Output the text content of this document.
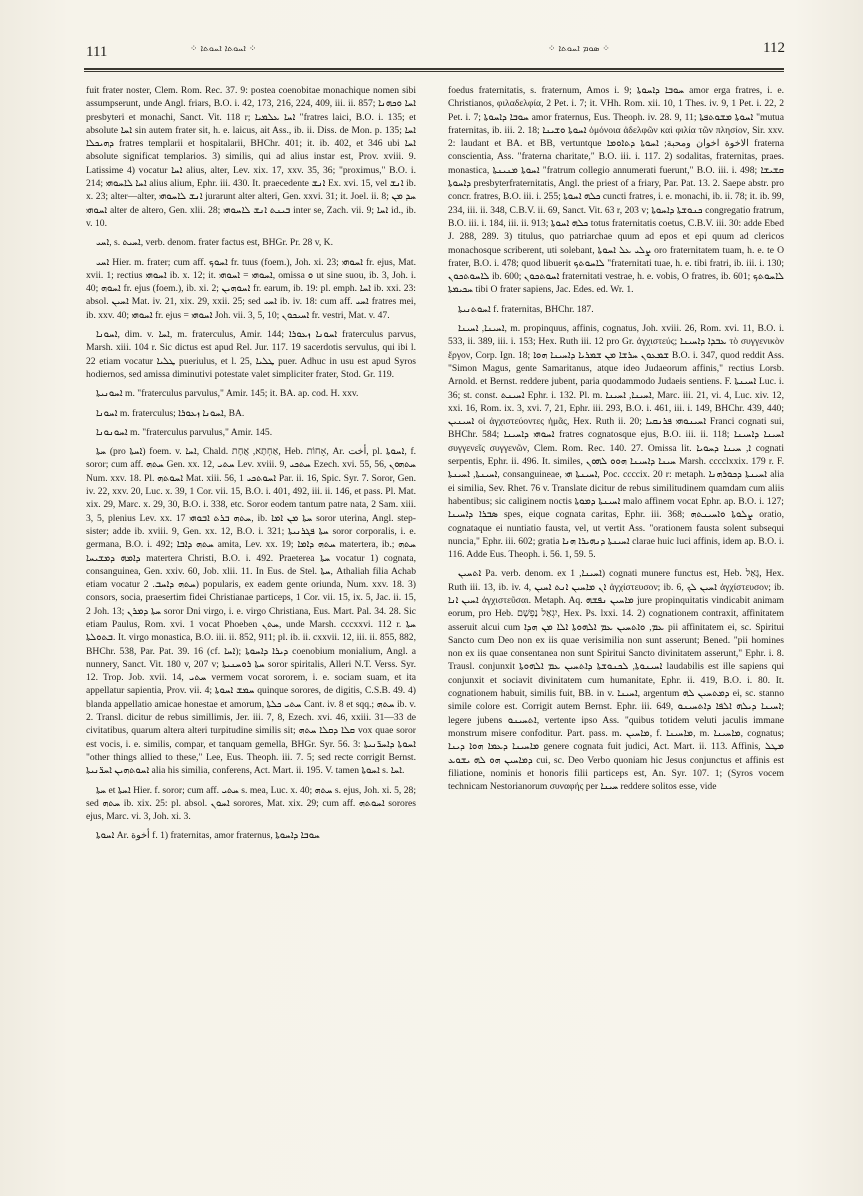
111	⁘ ܐܚܘܬܐ ܐܚܘܬܐ ⁘	⁘ ܣܘܡ ܐܚܘܬܐ ⁘	112

fuit frater noster, Clem. Rom. Rec. 37. 9: postea coenobitae monachique nomen sibi assumpserunt, unde Angl. friars, B.O. i. 42, 173, 216, 224, 409, iii. ii. 857; ܐܚܐ ܘܟܗܢܐ presbyteri et monachi, Sanct. Vit. 118 r; ܐܚܐ ܥܠܡܝܐ "fratres laici, B.O. i. 135; et absolute ܐܚܐ sin autem frater sit, h. e. laicus, ait Ass., ib. ii. Diss. de Mon. p. 135; ܐܚܐ ܕܗܝܟܠܐ fratres templarii et hospitalarii, BHChr. 401; it. ib. 402, et 346 ubi ܐܚܐ absolute significat templarios. 3) similis, qui ad alius instar est, Prov. xviii. 9. Latissime 4) vocatur ܐܚܐ alius, alter, Lev. xix. 17, xxv. 35, 36; "proximus," B.O. i. 214; ܐܚܐ ܠܐܚܘܗܝ alius alium, Ephr. iii. 430. It. praecedente ܐܢܫ Ex. xvi. 15, vel ܐܢܫ ib. x. 23; alter—alter, ܐܢܫ ܠܐܚܘܗܝ jurarunt alter alteri, Gen. xxvi. 31; it. Joel. ii. 8; ܚܕ ܡܢ ܐܚܘܗܝ alter de altero, Gen. xlii. 28; ܒܝܢܬ ܐܢܫ ܠܐܚܘܗܝ inter se, Zach. vii. 9; ܐܚܐ id., ib. v. 10.

ܐܚܝ, s. ܐܚܝܬ, verb. denom. frater factus est, BHGr. Pr. 28 v, K.

ܐܚܝ Hier. m. frater; cum aff. ܐܚܘܟ fr. tuus (foem.), Joh. xi. 23; ܐܚܘܗܝ fr. ejus, Mat. xvii. 1; rectius ܐܚܘܗܝ ib. x. 12; it. ܐܚܘܗܝ = ܐܚܘܗܝ, omissa ܘ ut sine suou, ib. 3, Joh. i. 40; ܐܚܘܗ fr. ejus (foem.), ib. xi. 2; ܐܚܘܗܝܢ fr. earum, ib. 19: pl. emph. ܐܚܐ ib. xxi. 23: absol. ܐܚܝܢ Mat. iv. 21, xix. 29, xxii. 25; sed ܐܚܝ ib. iv. 18: cum aff. ܐܚܝ fratres mei, ib. xxv. 40; ܐܚܘܗܝ fr. ejus = ܐܚܘܗܝ Joh. vii. 3, 5, 10; ܐܚܝܟܘܢ fr. vestri, Mat. v. 47.

ܐܚܘܢܐ, dim. v. ܐܚܐ, m. fraterculus, Amir. 144; ܐܚܘܢܐ ܙܥܘܪܐ fraterculus parvus, Marsh. xiii. 104 r. Sic dictus est apud Rel. Jur. 117. 19 sacerdotis servulus, qui ibi l. 22 etiam vocatur ܛܠܝܐ pueriulus, et l. 25, ܛܠܝܐ puer. Adhuc in usu est apud Syros hodiernos, sed amissa diminutivi potestate valet simpliciter frater, Stod. Gr. 119.

ܐܚܘܢܝܬܐ m. "fraterculus parvulus," Amir. 145; it. BA. ap. cod. H. xxv.

ܐܚܘܢܐ m. fraterculus; ܐܚܘܢܐ ܙܥܘܪܐ, BA.

ܐܚܘܢܘܢܐ m. "fraterculus parvulus," Amir. 145.

ܚܬܐ (pro ܐܚܬܐ) foem. v. ܐܚܐ, Chald. אַחְתָא, אֲחָת, Heb. אָחוֹת, Ar. أخت, pl. ܐܚܘܬܐ, f. soror; cum aff. ܚܬܗ Gen. xx. 12, ܚܬܝ Lev. xviii. 9, ܚܬܟܝ Ezech. xvi. 55, 56, ܚܬܗܘܢ Num. xxv. 18. Pl. ܐܚܘܬܗ Mat. xiii. 56, ܐܚܘܬܟܝ 1 Par. ii. 16, Spic. Syr. 7. Soror, Gen. iv. 22, xxv. 20, Luc. x. 39, 1 Cor. vii. 15, B.O. i. 401, 492, iii. ii. 146, et pass. Pl. Mat. xix. 29, Marc. x. 29, 30, B.O. i. 338, etc. Soror eodem tantum patre nata, 2 Sam. xiii. 3, 5, plenius Lev. xx. 17 ܚܬܗ ܒܪܬ ܐܒܘܗܝ, ib. ܚܬܐ ܡܢ ܐܡܐ soror uterina, Angl. step-sister; adde ib. xviii. 9, Gen. xx. 12, B.O. i. 321; ܚܬܐ ܦܓܪܢܝܬܐ soror corporalis, i. e. germana, B.O. i. 492; ܚܬܗ ܕܐܒܐ amita, Lev. xx. 19; ܚܬܗ ܕܐܡܐ matertera, ib.; ܚܬܗ ܕܐܡܗ ܕܡܫܝܚܐ matertera Christi, B.O. i. 492. Praeterea ܚܬܐ vocatur 1) cognata, consanguinea, Gen. xxiv. 60, Job. xlii. 11. In Eus. de Stel. ܚܬܐ, Athaliah filia Achab etiam vocatur ܚܬܗ ܕܐܚܒ. 2) popularis, ex eadem gente oriunda, Num. xxv. 18. 3) consors, socia, praesertim fidei Christianae particeps, 1 Cor. vii. 15, ix. 5, Jac. ii. 15, 2 Joh. 13; ܚܬܐ ܕܡܪܢ soror Dni virgo, i. e. virgo Christiana, Eus. Mart. Pal. 34. 28. Sic etiam Paulus, Rom. xvi. 1 vocat Phoeben ܚܬܢ, unde Marsh. cccxxvi. 112 r. ܚܬܐ ܒܬܘܠܬܐ. It. virgo monastica, B.O. iii. ii. 852, 911; pl. ib. ii. cxxvii. 12, iii. ii. 855, 882, BHChr. 538, Par. Pat. 39. 16 (cf. ܐܚܐ); ܕܝܪܐ ܕܐܚܘܬܐ coenobium monialium, Angl. a nunnery, Sanct. Vit. 180 v, 207 v; ܚܬܐ ܪܘܚܢܝܬܐ soror spiritalis, Alleri N.T. Verss. Syr. 12. Trop. Job. xvii. 14, ܚܬܝ vermem vocat sororem, i. e. sociam suam, et ita appellatur sapientia, Prov. vii. 4; ܚܡܫ ܐܚܘܬܐ quinque sorores, de digitis, C.S.B. 49. 4) blanda appellatio amicae honestae et amorum, ܚܬܝ ܟܠܬܐ Cant. iv. 8 et sqq.; ܚܬܗ ib. v. 2. Transl. dicitur de rebus simillimis, Jer. iii. 7, 8, Ezech. xvi. 46, xxiii. 31—33 de civitatibus, quarum altera alteri turpitudine similis sit; ܩܠܐ ܕܩܠܐ ܚܬܗ vox quae soror est vocis, i. e. similis, compar, et tanquam gemella, BHGr. Syr. 56. 3: ܐܚܘܬܐ ܕܐܚܪ̈ܢܝܬܐ "other things allied to these," Lee, Eus. Theoph. iii. 7. 5; sed recte corrigit Bernst. ܐܚܘܬܗܝܢ ܐܚܪ̈ܢܝܬܐ alia his similia, conferens, Act. Mart. ii. 195. V. tamen ܐܚܘܬܐ s. ܐܚܐ.

ܚܬܐ et ܐܚܬܐ Hier. f. soror; cum aff. ܚܬܝ s. mea, Luc. x. 40; ܚܬܗ s. ejus, Joh. xi. 5, 28; sed ܚܬܗ ib. xix. 25: pl. absol. ܐܚܘܢ sorores, Mat. xix. 29; cum aff. ܐܚܘܬܗ sorores ejus, Marc. vi. 3, Joh. xi. 3.

ܐܚܘܬܐ Ar. أخوة f. 1) fraternitas, amor fraternus, ܚܘܒܐ ܕܐܚܘܬܐ

foedus fraternitatis, s. fraternum, Amos i. 9; ܚܘܒܐ ܕܐܚܘܬܐ amor erga fratres, i. e. Christianos, φιλαδελφία, 2 Pet. i. 7; it. VHh. Rom. xii. 10, 1 Thes. iv. 9, 1 Pet. i. 22, 2 Pet. i. 7; ܚܘܒܐ ܕܐܚܘܬܐ amor fraternus, Eus. Theoph. iv. 28. 9, 11; ܐܚܘܬܐ ܡܫܘܬܦܬܐ "mutua fraternitas, ib. iii. 2. 18; ܐܚܘܬܐ ܘܫܝܢܐ ὁμόνοια ἀδελφῶν καὶ φιλία τῶν πλησίον, Sir. xxv. 2: laudant et BA. et BB, vertuntque الاخوة اخوان ومحبة; ܐܚܘܬܐ ܕܬܐܘܡܐ fraterna conscientia, Ass. "fraterna charitate," B.O. iii. i. 117. 2) sodalitas, fraternitas, praes. monastica, ܐܚܘܬܐ ܡܢܝܢܬܐ "fratrum collegio annumerati fuerunt," B.O. iii. i. 498; ܩܫܝܫܐ ܕܐܚܘܬܐ presbyterfraternitatis, Angl. the priest of a friary, Par. Pat. 13. 2. Saepe abstr. pro concr. fratres, B.O. iii. i. 255; ܟܠܗ ܐܚܘܬܐ cuncti fratres, i. e. monachi, ib. ii. 78; it. ib. 99, 234, iii. ii. 348, C.B.V. ii. 69, Sanct. Vit. 63 r, 203 v; ܟܢܘܫܬܐ ܕܐܚܘܬܐ congregatio fratrum, B.O. iii. i. 184, iii. ii. 913; ܟܠܗ ܐܚܘܬܐ totus fraternitatis coetus, C.B.V. iii. 30: adde Ebed J. 288, 289. 3) titulus, quo patriarchae quum ad epos et epi quum ad clericos monachosque scriberent, uti solebant, ܨܠܝ ܥܠ ܐܚܘܬܐ oro fraternitatem tuam, h. e. te O frater, B.O. i. 478; quod libuerit ܠܐܚܘܬܟ "fraternitati tuae, h. e. tibi fratri, ib. iii. i. 130; ܠܐܚܘܬܟܘܢ ib. 600; ܐܚܘܬܟܘܢ fraternitati vestrae, h. e. vobis, O fratres, ib. 601; ܠܐܚܘܬܟ ܚܟܝܡܬܐ tibi O frater sapiens, Jac. Edes. ed. Wr. 1.

ܐܚܘܬܢܝܬܐ f. fraternitas, BHChr. 187.

ܐܚܝܢܐ, ܐܚܝܢܐ, m. propinquus, affinis, cognatus, Joh. xviii. 26, Rom. xvi. 11, B.O. i. 533, ii. 389, iii. i. 153; Hex. Ruth iii. 12 pro Gr. ἀγχιστεύς; ܥܒܕܐ ܕܐܚܝܢܐ τὸ συγγενικὸν ἔργον, Corp. Ign. 18; ܫܡܥܘܢ ܚܪܫܐ ܡܢ ܫܡܪܝܐ ܕܐܚܝܢܐ ܗܘܐ B.O. i. 347, quod reddit Ass. "Simon Magus, gente Samaritanus, atque ideo Judaeorum affinis," rectius Lorsb. Arnold. et Bernst. reddere jubent, paria quodammodo Judaeis sentiens. F. ܐܚܝܢܬܐ Luc. i. 36; st. const. ܐܚܝܢܬ Ephr. i. 132. Pl. m. ܐܚܝܢܐ, ܐܚܝܢܐ, Marc. iii. 21, vi. 4, Luc. xiv. 12, xxi. 16, Rom. ix. 3, xvi. 7, 21, Ephr. iii. 293, B.O. i. 461, iii. i. 149, BHChr. 439, 440; ܐܚܝܢܝܢ οἱ ἀγχιστεύοντες ἡμᾶς, Hex. Ruth ii. 20; ܐܚܝܢܘܗܝ ܦܪܢܩܝܐ Franci cognati sui, BHChr. 584; ܐܚܘܗܝ ܕܐܚܝܢܐ fratres cognatosque ejus, B.O. iii. ii. 118; ܐܚܝܢܐ ܕܐܚܝܢܐ συγγενεῖς συγγενῶν, Clem. Rom. Rec. 140. 27. Omissa lit. ܐ, ܚܝܢܐ ܕܚܘܝܐ cognati serpentis, Ephr. ii. 496. It. similes, ܚܝܢܐ ܕܐܚܝܢܐ ܗܘܘ ܠܗܘܢ Marsh. cccclxxix. 179 r. F. ܐܚܝܢܬܐ, ܐܚܝܢܬܐ, consanguineae, ܐܚܝܢܬܐ ܗܝ, Poc. ccccix. 20 r: metaph. ܐܚܝܢܬܐ ܕܟܘܪܗܢܐ alia ei similia, Sev. Rhet. 76 v. Translate dicitur de rebus similitudinem quamdam cum aliis habentibus; sic caliginem noctis ܐܚܝܢܬܐ ܕܡܘܬܐ malo affinem vocat Ephr. ap. B.O. i. 127; ܣܒܪܐ ܕܐܚܝܢܐ spes, eique cognata caritas, Ephr. iii. 368; ܨܠܘܬܐ ܘܐܚܝܢܬܗ oratio, cognataque ei nuntiatio fausta, vel, ut vertit Ass. "orationem fausta solent subsequi nuncia," Ephr. iii. 602; gratia ܐܚܝܢܬܐ ܕܢܗܝܪܐ ܗܢܐ clarae huic luci affinis, idem ap. B.O. i. 116. Adde Eus. Theoph. i. 56. 1, 59. 5.

ܐܬܚܝܢ Pa. verb. denom. ex ܐܚܝܢܐ, 1) cognati munere functus est, Heb. גָּאַל, Hex. Ruth iii. 13, ib. iv. 4, ܐܢ ܡܐܚܝܢ ܐܢܬ ܐܚܝܢ ἀγχίστευσον; ib. 6, ܐܚܝܢ ܠܟ ἀγχίστευσον; ib. ܐܚܝܢ ܐܢܐ ἀγχιστεῦσαι. Metaph. Aq. ܡܐܚܝܢ ܢܦܫܗ jure propinquitatis vindicabit animam eorum, pro Heb. יִגְאַל נַפְשָׁם, Hex. Ps. lxxi. 14. 2) cognationem contraxit, affinitatem asseruit alcui cum ܥܡ, ܘܐܬܚܝܢ ܥܡ ܐܠܗܘܬܐ ܐܠܐ ܡܢ ܗܕܐ pii affinitatem ei, sc. Spiritui Sancto cum Deo non ex iis quae verisimilia non sunt asserunt; Bened. "pii homines non ex iis quae consentanea non sunt Spiritui Sancto divinitatem asserunt," Ephr. i. 8. Trausl. conjunxit ܐܚܝܢܘܬܐ, ܠܟܢܘܫܬܐ ܕܐܬܚܝܢ ܥܡ ܐܠܗܘܬܐ laudabilis est ille sapiens qui conjunxit et sociavit divinitatem cum humanitate, Ephr. ii. 419, B.O. i. 80. It. cognationem habuit, similis fuit, BB. in v. ܐܚܝܢܐ, argentum ܕܡܬܚܝܢ ܠܗ ei, sc. stanno simile colore est. Corrigit autem Bernst. Ephr. iii. 649, ܐܚܝܢܐ ܕܝܠܗ ܐܠܦܐ ܕܐܬܚܝܢܘ; legere jubens ܐܬܚܝܢܘ, vertente ipso Ass. "quibus totidem veluti jaculis immane monstrum misere confoditur. Part. pass. m. ܡܐܚܝܢ, f. ܡܐܚܝܢܐ, m. ܡܐܚܝܢܐ, cognatus; ܡܐܚܝܢܐ ܕܥܡܐ ܗܘܐ ܕܝܢܐ genere cognata fuit judici, Act. Mart. ii. 113. Affinis, ܡܛܠ ܕܡܐܚܝܢ ܗܘ ܠܗ ܝܫܘܥ cui, sc. Deo Verbo quoniam hic Jesus conjunctus et affinis est filiatione, nominis et honoris filii particeps est, An. Syr. 107. 1; (Syros vocem technicam Nestorianorum συναφής per ܚܝܢܐ reddere solitos esse, vide
